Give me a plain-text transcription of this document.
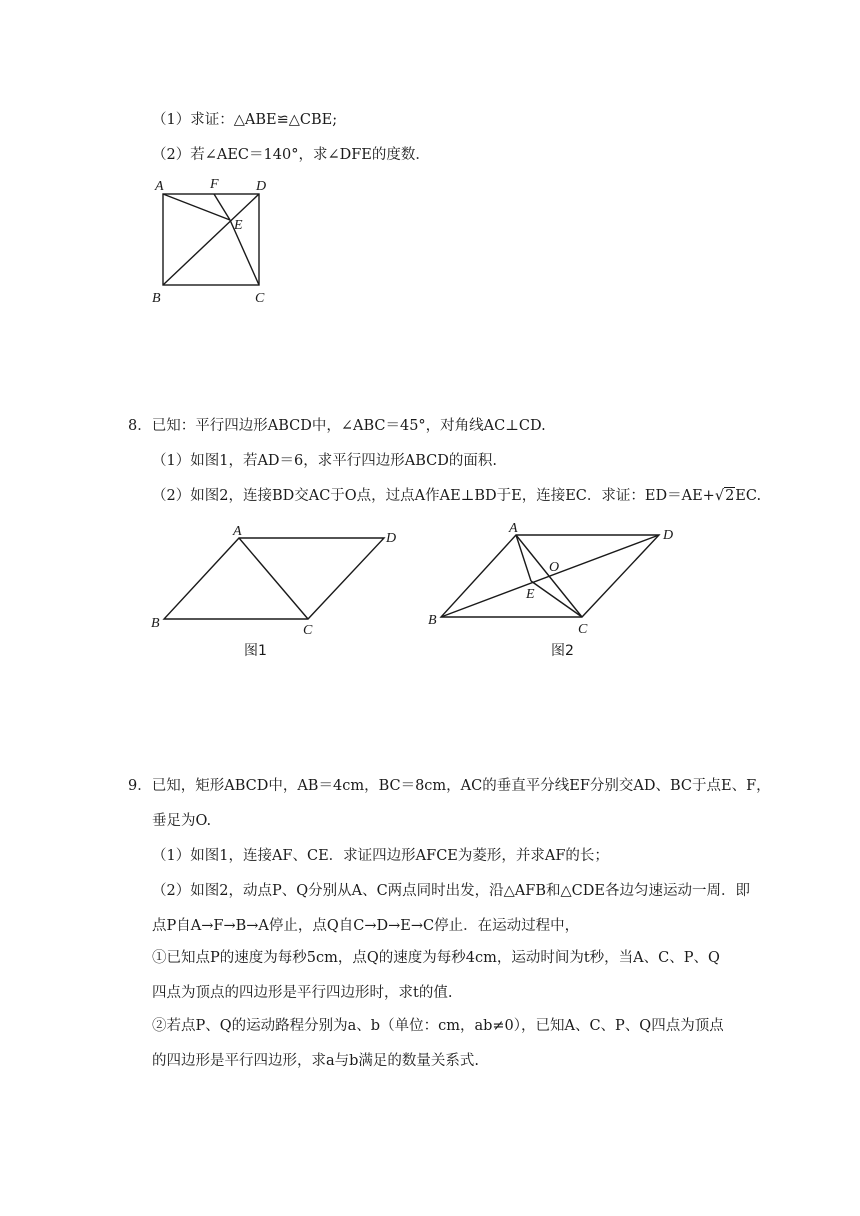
（1）求证：△ABE≌△CBE;
（2）若∠AEC＝140°，求∠DFE的度数．
A	F	D
E
B	C
8．已知：平行四边形ABCD中，∠ABC＝45°，对角线AC⊥CD.
（1）如图1，若AD＝6，求平行四边形ABCD的面积.
（2）如图2，连接BD交AC于O点，过点A作AE⊥BD于E，连接EC．求证：ED＝AE+√2EC.
A	D
B	C
图1
A	D
O
E
B
C
图2
9．已知，矩形ABCD中，AB＝4cm，BC＝8cm，AC的垂直平分线EF分别交AD、BC于点E、F，
垂足为O.
（1）如图1，连接AF、CE．求证四边形AFCE为菱形，并求AF的长；
（2）如图2，动点P、Q分别从A、C两点同时出发，沿△AFB和△CDE各边匀速运动一周．即
点P自A→F→B→A停止，点Q自C→D→E→C停止．在运动过程中，
①已知点P的速度为每秒5cm，点Q的速度为每秒4cm，运动时间为t秒，当A、C、P、Q
四点为顶点的四边形是平行四边形时，求t的值.
②若点P、Q的运动路程分别为a、b（单位：cm，ab≠0），已知A、C、P、Q四点为顶点
的四边形是平行四边形，求a与b满足的数量关系式.
